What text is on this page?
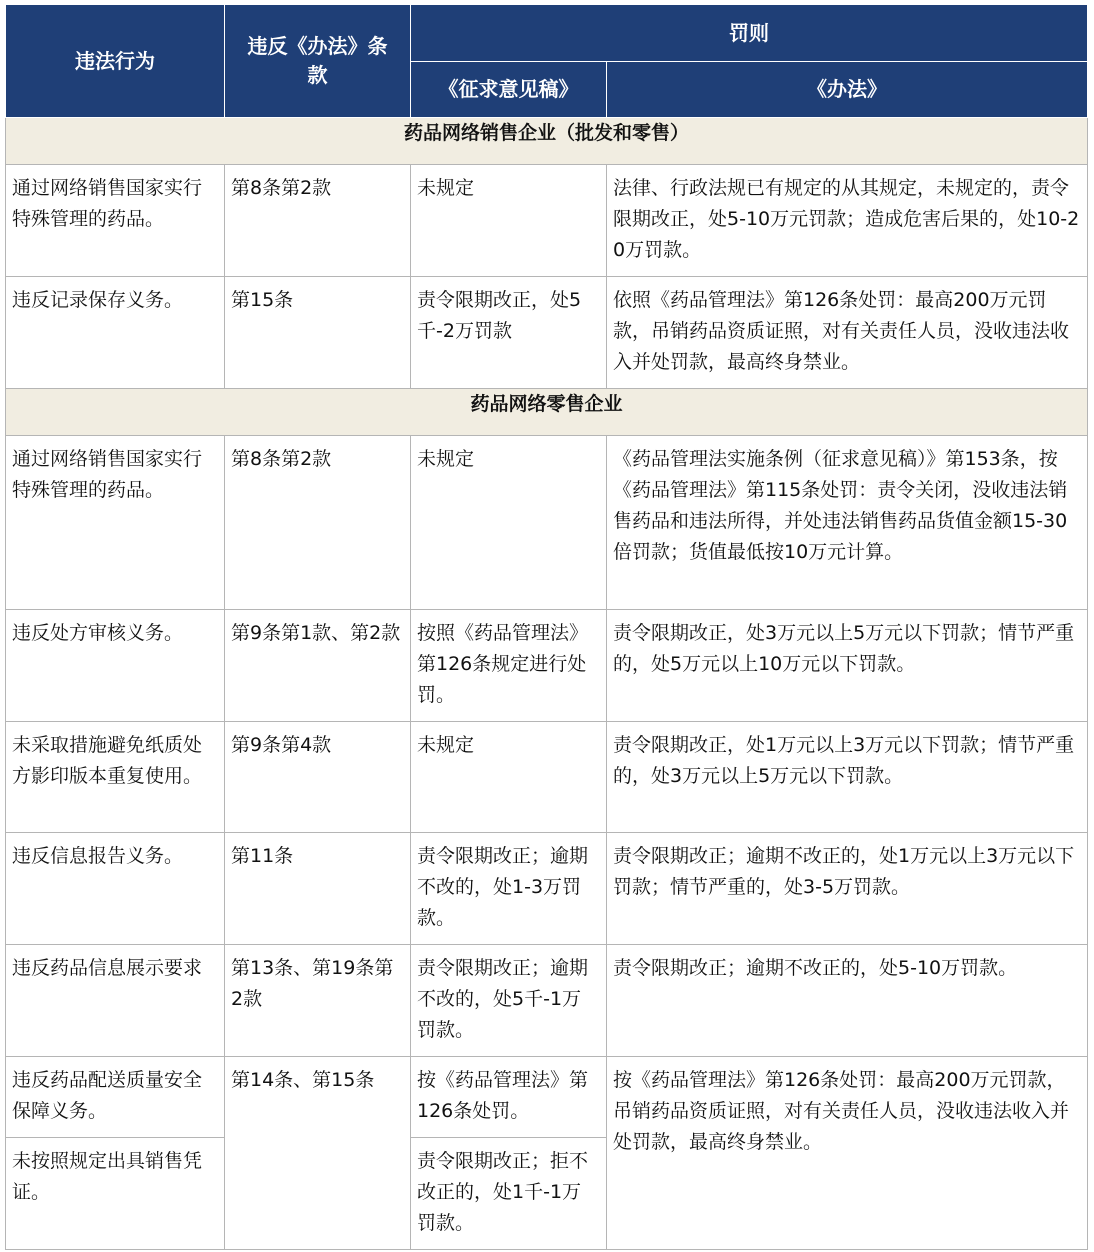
违法行为	违反《办法》条款	罚则	
		《征求意见稿》	《办法》
药品网络销售企业（批发和零售）			
通过网络销售国家实行特殊管理的药品。	第8条第2款	未规定	法律、行政法规已有规定的从其规定，未规定的，责令限期改正，处5-10万元罚款；造成危害后果的，处10-20万罚款。
违反记录保存义务。	第15条	责令限期改正，处5千-2万罚款	依照《药品管理法》第126条处罚：最高200万元罚款，吊销药品资质证照，对有关责任人员，没收违法收入并处罚款，最高终身禁业。
药品网络零售企业			
通过网络销售国家实行特殊管理的药品。	第8条第2款	未规定	《药品管理法实施条例（征求意见稿）》第153条，按《药品管理法》第115条处罚：责令关闭，没收违法销售药品和违法所得，并处违法销售药品货值金额15-30倍罚款；货值最低按10万元计算。
违反处方审核义务。	第9条第1款、第2款	按照《药品管理法》第126条规定进行处罚。	责令限期改正，处3万元以上5万元以下罚款；情节严重的，处5万元以上10万元以下罚款。
未采取措施避免纸质处方影印版本重复使用。	第9条第4款	未规定	责令限期改正，处1万元以上3万元以下罚款；情节严重的，处3万元以上5万元以下罚款。
违反信息报告义务。	第11条	责令限期改正；逾期不改的，处1-3万罚款。	责令限期改正；逾期不改正的，处1万元以上3万元以下罚款；情节严重的，处3-5万罚款。
违反药品信息展示要求	第13条、第19条第2款	责令限期改正；逾期不改的，处5千-1万罚款。	责令限期改正；逾期不改正的，处5-10万罚款。
违反药品配送质量安全保障义务。	第14条、第15条	按《药品管理法》第126条处罚。	按《药品管理法》第126条处罚：最高200万元罚款，吊销药品资质证照，对有关责任人员，没收违法收入并处罚款，最高终身禁业。
未按照规定出具销售凭证。		责令限期改正；拒不改正的，处1千-1万罚款。	
